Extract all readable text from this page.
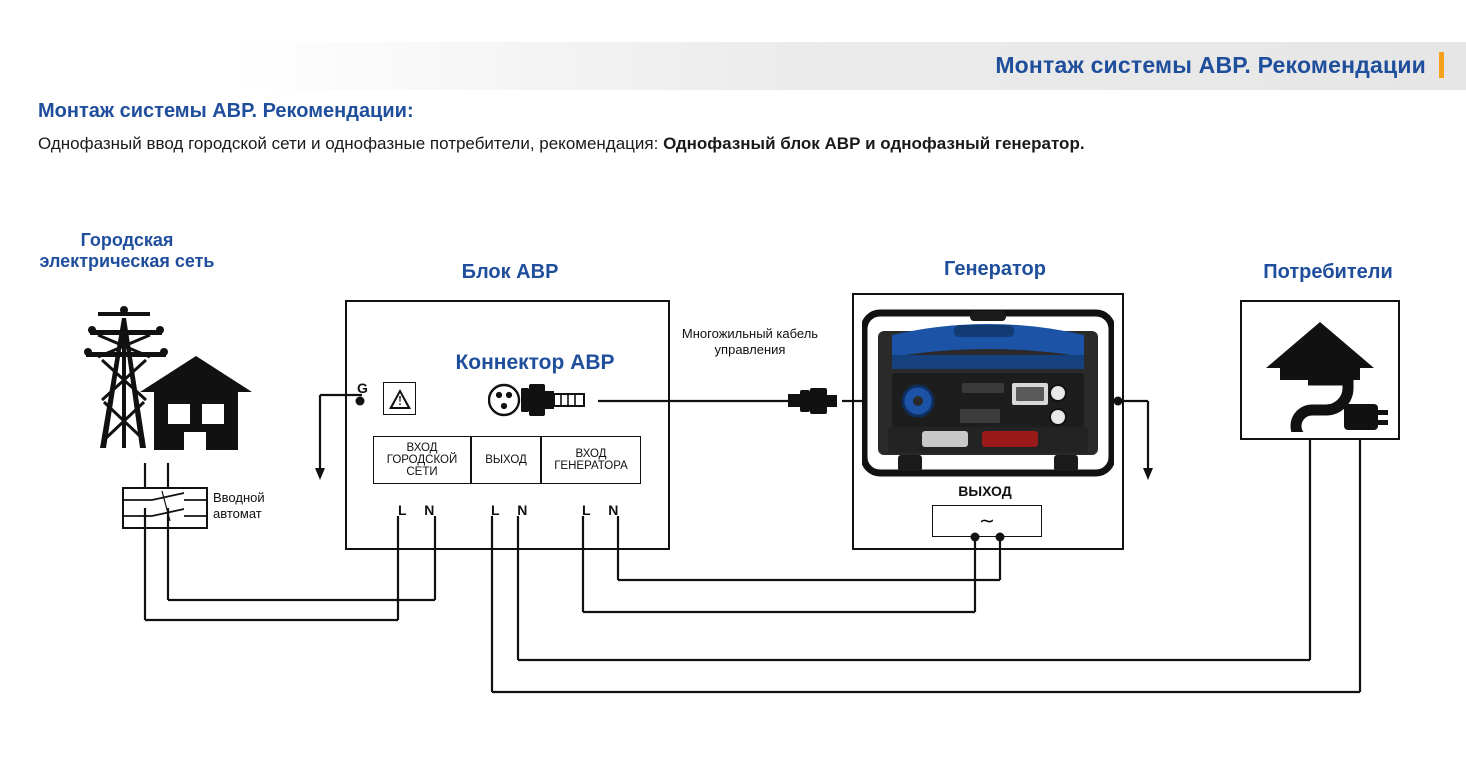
Монтаж системы АВР. Рекомендации
Монтаж системы АВР. Рекомендации:
Однофазный ввод городской сети и однофазные потребители, рекомендация: Однофазный блок АВР и однофазный генератор.
Городская электрическая сеть	Блок АВР	Генератор	Потребители
Коннектор АВР
Вводной автомат
G
ВХОД ГОРОДСКОЙ СЕТИ
ВЫХОД	ВХОД ГЕНЕРАТОРА
L N	L N	L N
Многожильный кабель управления
ВЫХОД
∼
